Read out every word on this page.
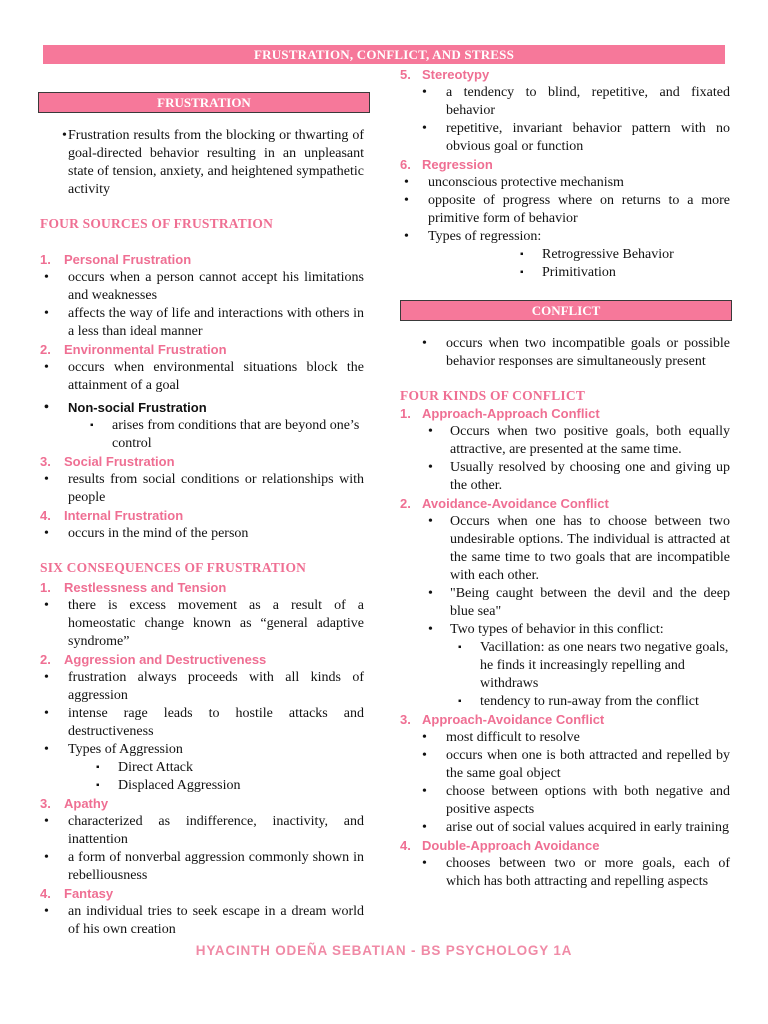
FRUSTRATION, CONFLICT, AND STRESS
FRUSTRATION
• Frustration results from the blocking or thwarting of goal-directed behavior resulting in an unpleasant state of tension, anxiety, and heightened sympathetic activity
FOUR SOURCES OF FRUSTRATION
1. Personal Frustration
• occurs when a person cannot accept his limitations and weaknesses
• affects the way of life and interactions with others in a less than ideal manner
2. Environmental Frustration
• occurs when environmental situations block the attainment of a goal
• Non-social Frustration
▪ arises from conditions that are beyond one’s control
3. Social Frustration
• results from social conditions or relationships with people
4. Internal Frustration
• occurs in the mind of the person
SIX CONSEQUENCES OF FRUSTRATION
1. Restlessness and Tension
• there is excess movement as a result of a homeostatic change known as “general adaptive syndrome”
2. Aggression and Destructiveness
• frustration always proceeds with all kinds of aggression
• intense rage leads to hostile attacks and destructiveness
• Types of Aggression
▪ Direct Attack
▪ Displaced Aggression
3. Apathy
• characterized as indifference, inactivity, and inattention
• a form of nonverbal aggression commonly shown in rebelliousness
4. Fantasy
• an individual tries to seek escape in a dream world of his own creation
5. Stereotypy
• a tendency to blind, repetitive, and fixated behavior
• repetitive, invariant behavior pattern with no obvious goal or function
6. Regression
• unconscious protective mechanism
• opposite of progress where on returns to a more primitive form of behavior
• Types of regression:
▪ Retrogressive Behavior
▪ Primitivation
CONFLICT
• occurs when two incompatible goals or possible behavior responses are simultaneously present
FOUR KINDS OF CONFLICT
1. Approach-Approach Conflict
• Occurs when two positive goals, both equally attractive, are presented at the same time.
• Usually resolved by choosing one and giving up the other.
2. Avoidance-Avoidance Conflict
• Occurs when one has to choose between two undesirable options. The individual is attracted at the same time to two goals that are incompatible with each other.
• "Being caught between the devil and the deep blue sea"
• Two types of behavior in this conflict:
▪ Vacillation: as one nears two negative goals, he finds it increasingly repelling and withdraws
▪ tendency to run-away from the conflict
3. Approach-Avoidance Conflict
• most difficult to resolve
• occurs when one is both attracted and repelled by the same goal object
• choose between options with both negative and positive aspects
• arise out of social values acquired in early training
4. Double-Approach Avoidance
• chooses between two or more goals, each of which has both attracting and repelling aspects
HYACINTH ODEÑA SEBATIAN - BS PSYCHOLOGY 1A
